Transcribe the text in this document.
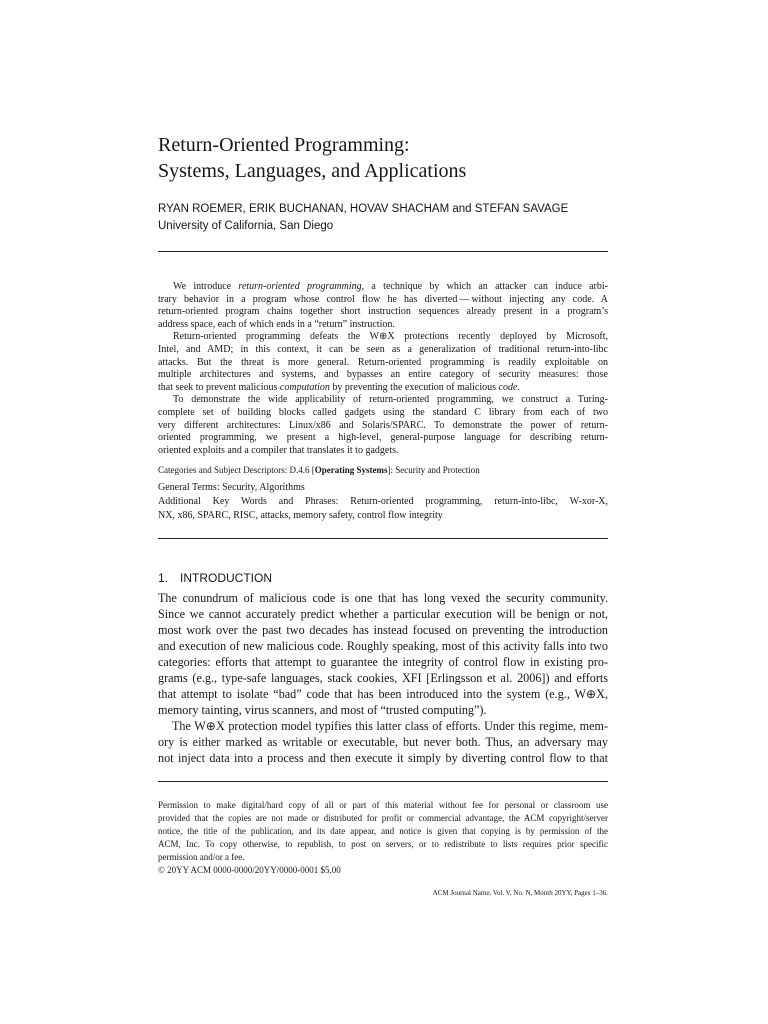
Return-Oriented Programming:
Systems, Languages, and Applications
RYAN ROEMER, ERIK BUCHANAN, HOVAV SHACHAM and STEFAN SAVAGE
University of California, San Diego
We introduce return-oriented programming, a technique by which an attacker can induce arbi-
trary behavior in a program whose control flow he has diverted — without injecting any code. A
return-oriented program chains together short instruction sequences already present in a program’s
address space, each of which ends in a “return” instruction.
Return-oriented programming defeats the W⊕X protections recently deployed by Microsoft,
Intel, and AMD; in this context, it can be seen as a generalization of traditional return-into-libc
attacks. But the threat is more general. Return-oriented programming is readily exploitable on
multiple architectures and systems, and bypasses an entire category of security measures: those
that seek to prevent malicious computation by preventing the execution of malicious code.
To demonstrate the wide applicability of return-oriented programming, we construct a Turing-
complete set of building blocks called gadgets using the standard C library from each of two
very different architectures: Linux/x86 and Solaris/SPARC. To demonstrate the power of return-
oriented programming, we present a high-level, general-purpose language for describing return-
oriented exploits and a compiler that translates it to gadgets.
Categories and Subject Descriptors: D.4.6 [Operating Systems]: Security and Protection
General Terms: Security, Algorithms
Additional Key Words and Phrases: Return-oriented programming, return-into-libc, W-xor-X,
NX, x86, SPARC, RISC, attacks, memory safety, control flow integrity
1. INTRODUCTION
The conundrum of malicious code is one that has long vexed the security community.
Since we cannot accurately predict whether a particular execution will be benign or not,
most work over the past two decades has instead focused on preventing the introduction
and execution of new malicious code. Roughly speaking, most of this activity falls into two
categories: efforts that attempt to guarantee the integrity of control flow in existing pro-
grams (e.g., type-safe languages, stack cookies, XFI [Erlingsson et al. 2006]) and efforts
that attempt to isolate “bad” code that has been introduced into the system (e.g., W⊕X,
memory tainting, virus scanners, and most of “trusted computing”).
The W⊕X protection model typifies this latter class of efforts. Under this regime, mem-
ory is either marked as writable or executable, but never both. Thus, an adversary may
not inject data into a process and then execute it simply by diverting control flow to that
Permission to make digital/hard copy of all or part of this material without fee for personal or classroom use
provided that the copies are not made or distributed for profit or commercial advantage, the ACM copyright/server
notice, the title of the publication, and its date appear, and notice is given that copying is by permission of the
ACM, Inc. To copy otherwise, to republish, to post on servers, or to redistribute to lists requires prior specific
permission and/or a fee.
© 20YY ACM 0000-0000/20YY/0000-0001 $5.00
ACM Journal Name, Vol. V, No. N, Month 20YY, Pages 1–36.
